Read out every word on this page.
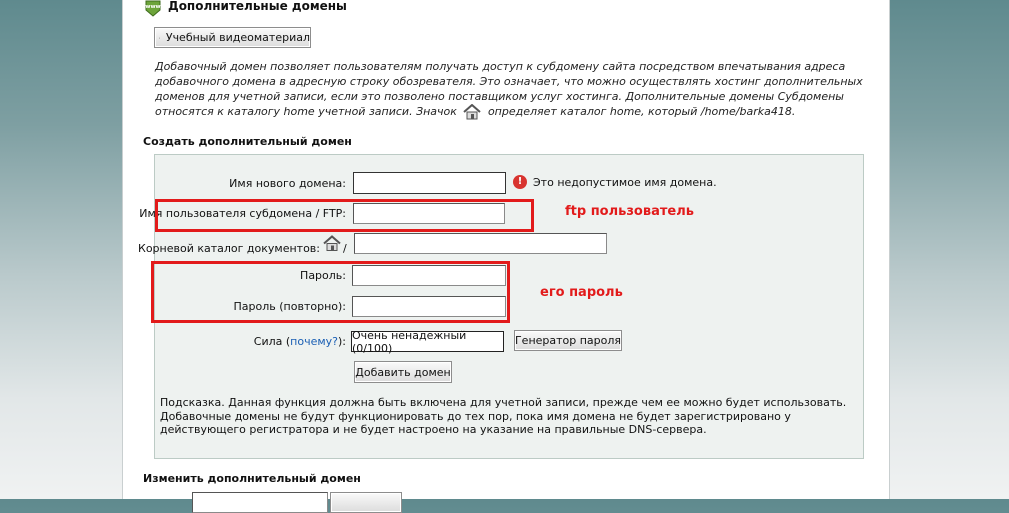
www Дополнительные домены
Учебный видеоматериал
Добавочный домен позволяет пользователям получать доступ к субдомену сайта посредством впечатывания адреса добавочного домена в адресную строку обозревателя. Это означает, что можно осуществлять хостинг дополнительных доменов для учетной записи, если это позволено поставщиком услуг хостинга. Дополнительные домены Субдомены относятся к каталогу home учетной записи. Значок	определяет каталог home, который /home/barka418.
Создать дополнительный домен
Имя нового домена:	! Это недопустимое имя домена.
Имя пользователя субдомена / FTP:
Корневой каталог документов: /
Пароль:
Пароль (повторно):
Сила (почему?): Очень ненадежный (0/100)
Генератор пароля
Добавить домен
Подсказка. Данная функция должна быть включена для учетной записи, прежде чем ее можно будет использовать. Добавочные домены не будут функционировать до тех пор, пока имя домена не будет зарегистрировано у действующего регистратора и не будет настроено на указание на правильные DNS-сервера.
ftp пользователь
его пароль
Изменить дополнительный домен
